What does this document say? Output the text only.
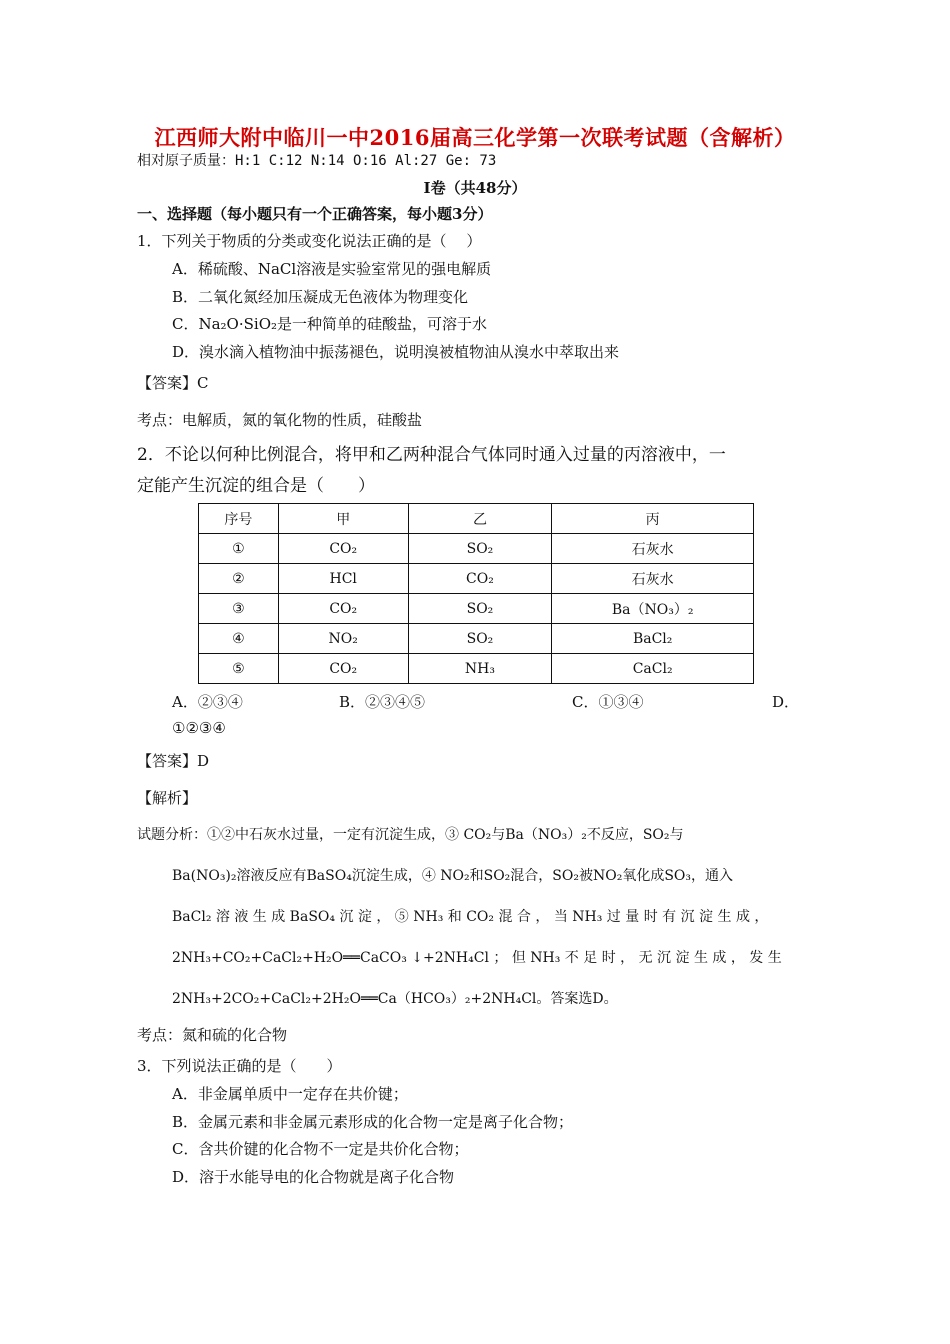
江西师大附中临川一中2016届高三化学第一次联考试题（含解析）
相对原子质量：H:1 C:12 N:14 O:16 Al:27 Ge: 73
I卷（共48分）
一、选择题（每小题只有一个正确答案，每小题3分）
1．下列关于物质的分类或变化说法正确的是（　 ）
A．稀硫酸、NaCl溶液是实验室常见的强电解质
B．二氧化氮经加压凝成无色液体为物理变化
C．Na₂O·SiO₂是一种简单的硅酸盐，可溶于水
D．溴水滴入植物油中振荡褪色，说明溴被植物油从溴水中萃取出来
【答案】C
考点：电解质，氮的氧化物的性质，硅酸盐
2．不论以何种比例混合，将甲和乙两种混合气体同时通入过量的丙溶液中，一
定能产生沉淀的组合是（　　）
序号	甲	乙	丙
①	CO₂	SO₂	石灰水
②	HCl	CO₂	石灰水
③	CO₂	SO₂	Ba（NO₃）₂
④	NO₂	SO₂	BaCl₂
⑤	CO₂	NH₃	CaCl₂
A．②③④	B．②③④⑤	C．①③④	D．
①②③④
【答案】D
【解析】
试题分析：①②中石灰水过量，一定有沉淀生成，③ CO₂与Ba（NO₃）₂不反应，SO₂与
Ba(NO₃)₂溶液反应有BaSO₄沉淀生成，④ NO₂和SO₂混合，SO₂被NO₂氧化成SO₃，通入
BaCl₂ 溶 液 生 成 BaSO₄ 沉 淀 ， ⑤ NH₃ 和 CO₂ 混 合 ， 当 NH₃ 过 量 时 有 沉 淀 生 成 ，
2NH₃+CO₂+CaCl₂+H₂O══CaCO₃ ↓+2NH₄Cl ； 但 NH₃ 不 足 时 ， 无 沉 淀 生 成 ， 发 生
2NH₃+2CO₂+CaCl₂+2H₂O══Ca（HCO₃）₂+2NH₄Cl。答案选D。
考点：氮和硫的化合物
3．下列说法正确的是（　　）
A．非金属单质中一定存在共价键；
B．金属元素和非金属元素形成的化合物一定是离子化合物；
C．含共价键的化合物不一定是共价化合物；
D．溶于水能导电的化合物就是离子化合物
